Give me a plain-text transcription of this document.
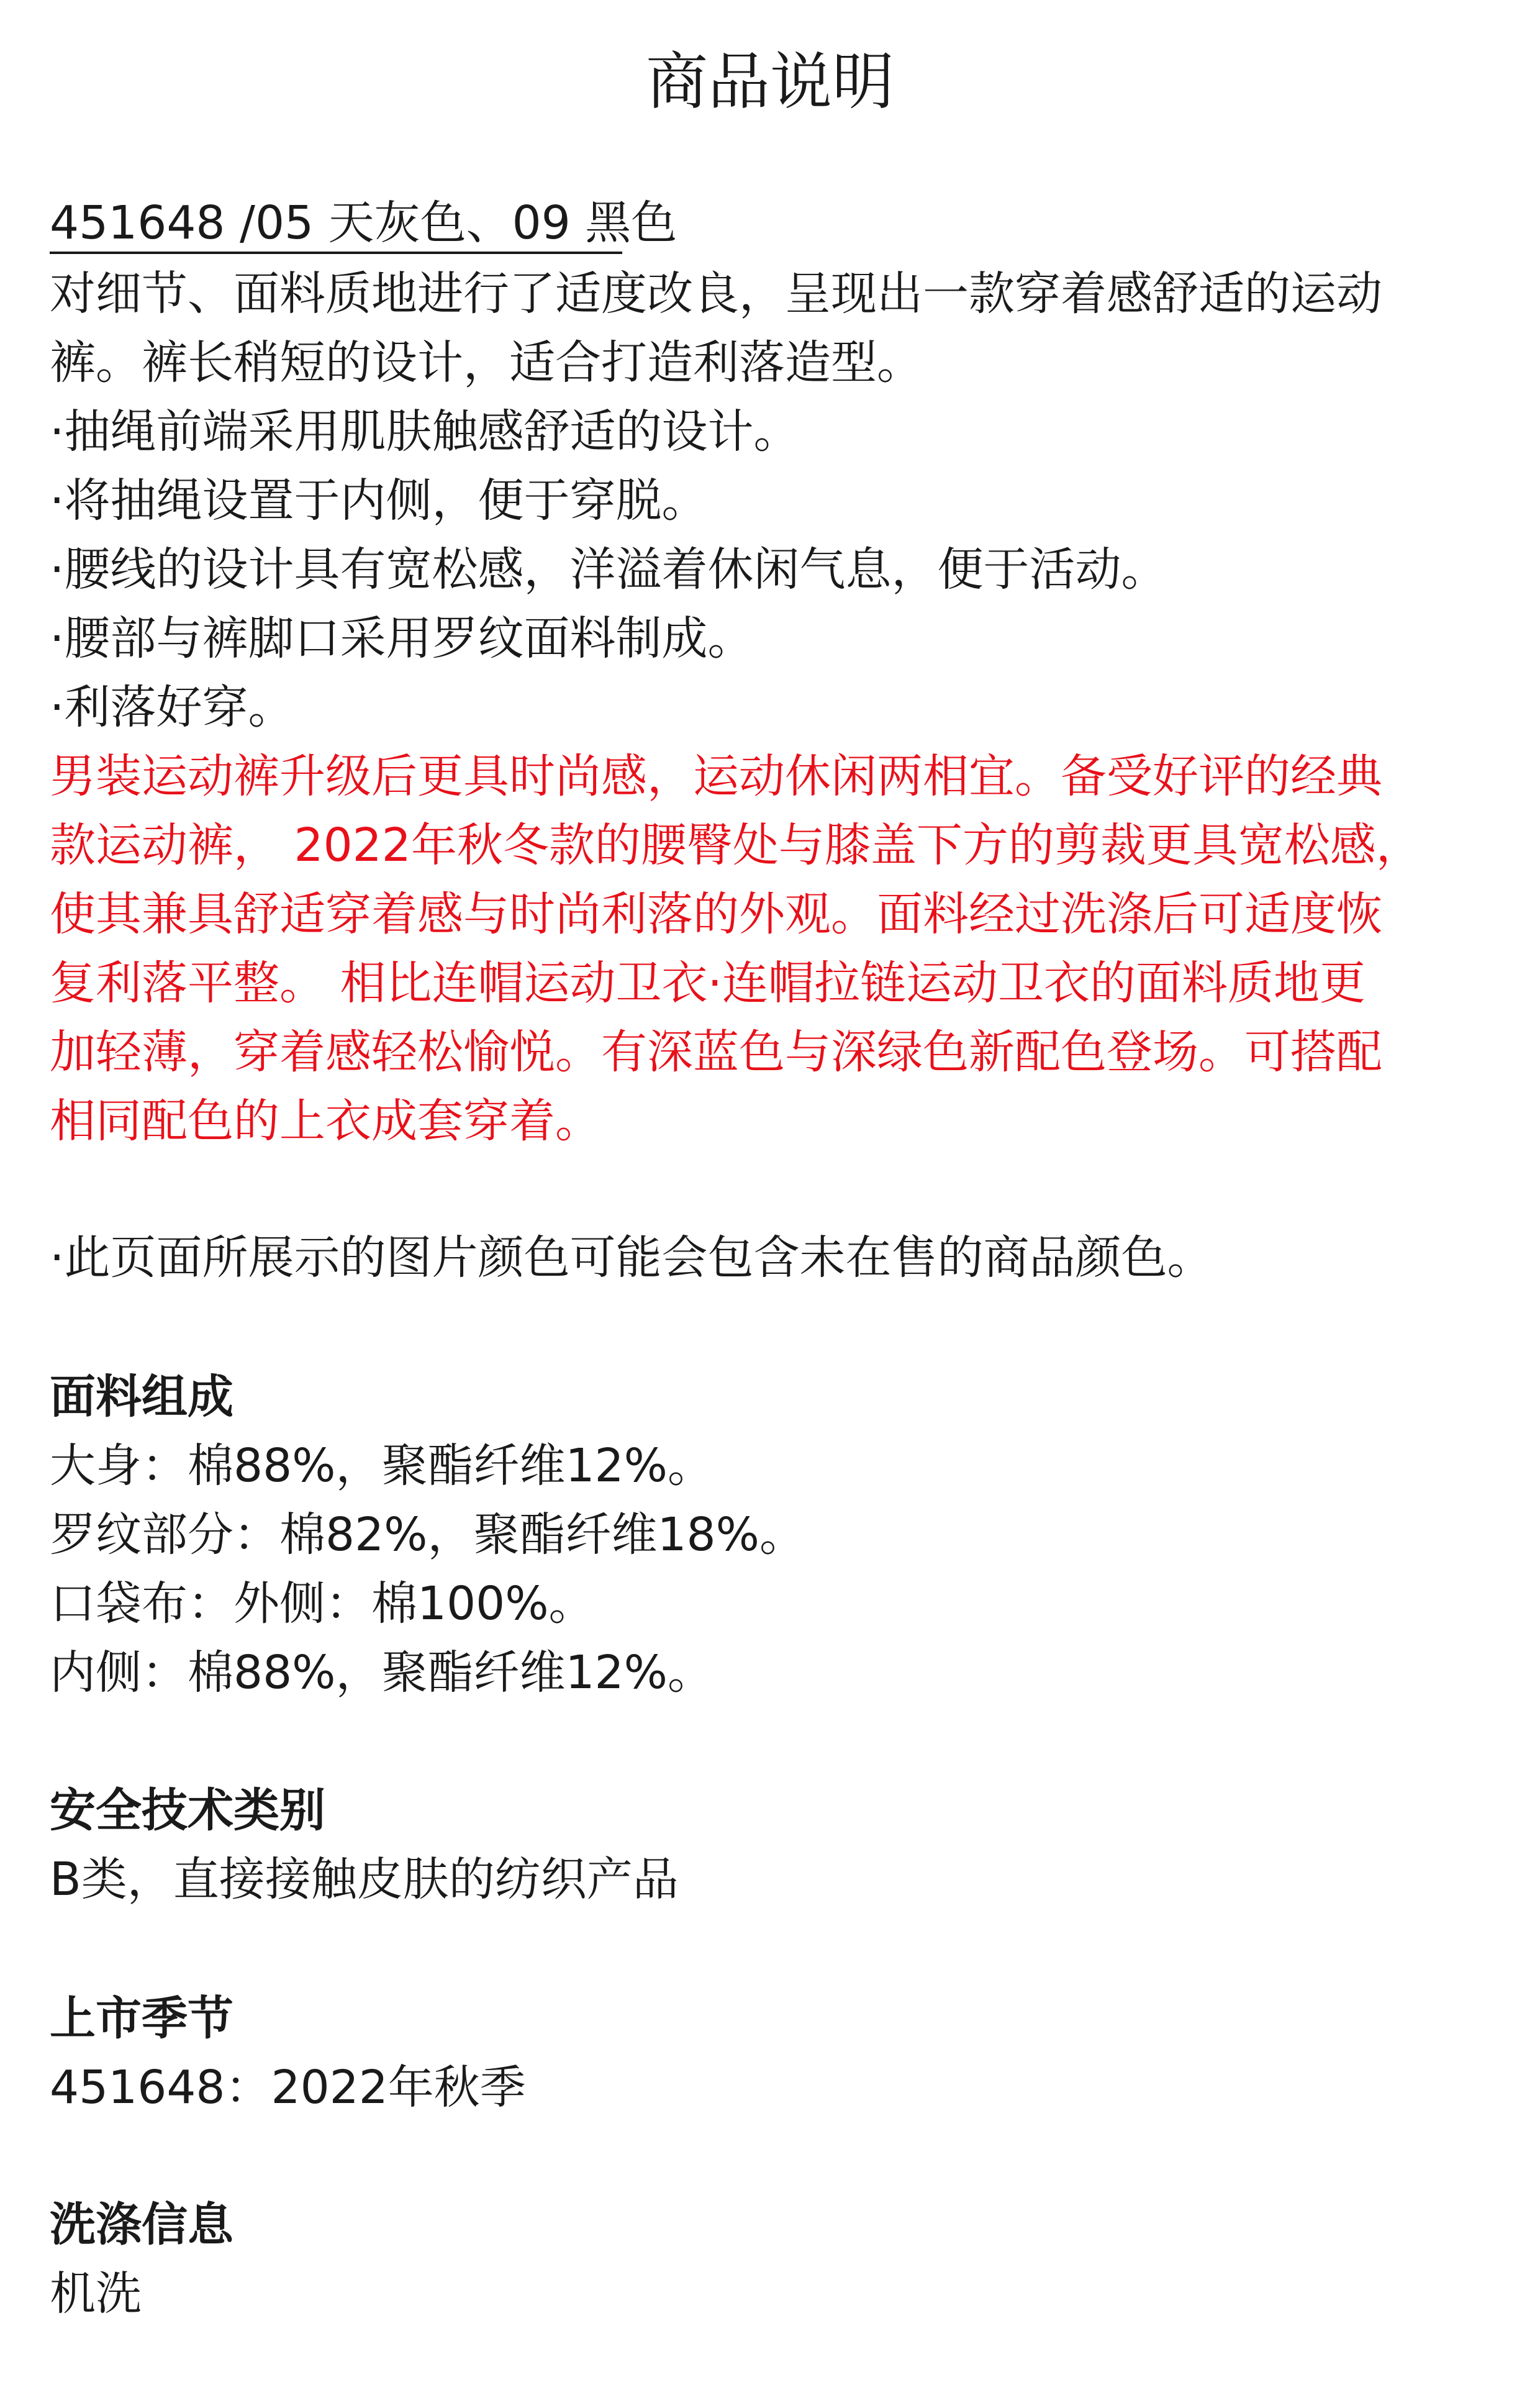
商品说明

451648 /05 天灰色、09 黑色

对细节、面料质地进行了适度改良，呈现出一款穿着感舒适的运动

裤。裤长稍短的设计，适合打造利落造型。

·抽绳前端采用肌肤触感舒适的设计。

·将抽绳设置于内侧，便于穿脱。

·腰线的设计具有宽松感，洋溢着休闲气息，便于活动。

·腰部与裤脚口采用罗纹面料制成。

·利落好穿。

男装运动裤升级后更具时尚感，运动休闲两相宜。备受好评的经典

款运动裤， 2022年秋冬款的腰臀处与膝盖下方的剪裁更具宽松感，

使其兼具舒适穿着感与时尚利落的外观。面料经过洗涤后可适度恢

复利落平整。 相比连帽运动卫衣·连帽拉链运动卫衣的面料质地更

加轻薄，穿着感轻松愉悦。有深蓝色与深绿色新配色登场。可搭配

相同配色的上衣成套穿着。

·此页面所展示的图片颜色可能会包含未在售的商品颜色。

面料组成

大身：棉88%，聚酯纤维12%。

罗纹部分：棉82%，聚酯纤维18%。

口袋布：外侧：棉100%。

内侧：棉88%，聚酯纤维12%。

安全技术类别

B类，直接接触皮肤的纺织产品

上市季节

451648：2022年秋季

洗涤信息

机洗
